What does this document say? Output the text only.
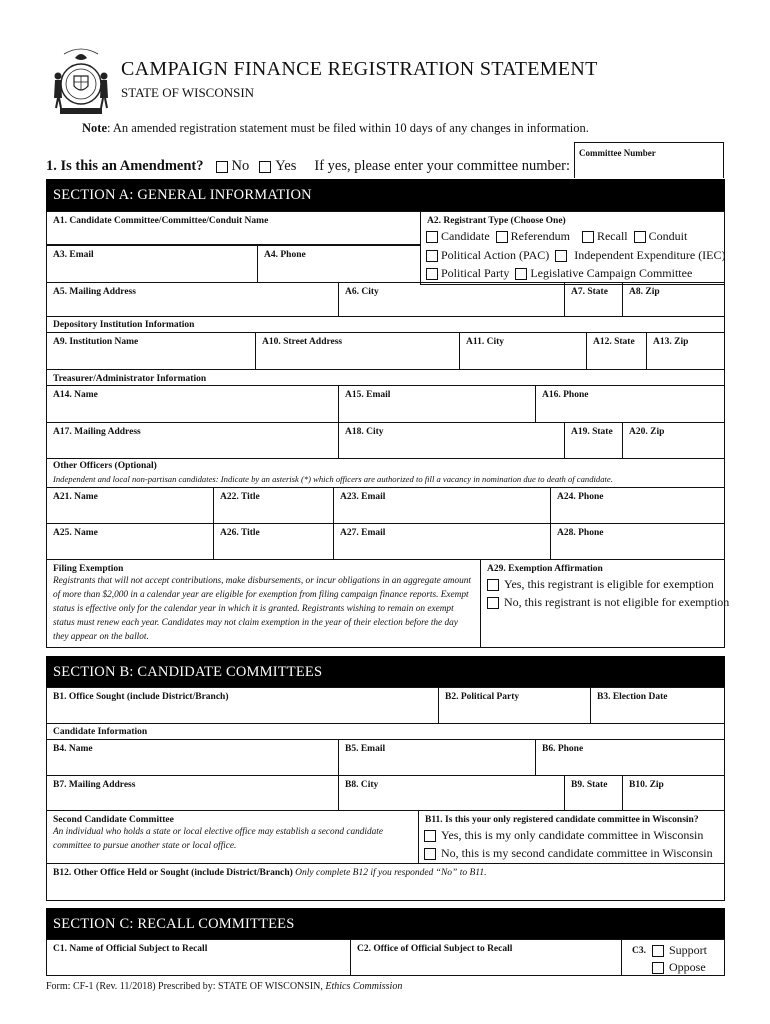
CAMPAIGN FINANCE REGISTRATION STATEMENT
STATE OF WISCONSIN
Note: An amended registration statement must be filed within 10 days of any changes in information.
1. Is this an Amendment? No Yes If yes, please enter your committee number:
Committee Number
SECTION A: GENERAL INFORMATION
A1. Candidate Committee/Committee/Conduit Name	A2. Registrant Type (Choose One)
Candidate Referendum Recall Conduit
Political Action (PAC) Independent Expenditure (IEC)
Political Party Legislative Campaign Committee
A3. Email	A4. Phone
A5. Mailing Address	A6. City	A7. State	A8. Zip
Depository Institution Information
A9. Institution Name	A10. Street Address	A11. City	A12. State	A13. Zip
Treasurer/Administrator Information
A14. Name	A15. Email	A16. Phone
A17. Mailing Address	A18. City	A19. State	A20. Zip
Other Officers (Optional)
Independent and local non-partisan candidates: Indicate by an asterisk (*) which officers are authorized to fill a vacancy in nomination due to death of candidate.
A21. Name	A22. Title	A23. Email	A24. Phone
A25. Name	A26. Title	A27. Email	A28. Phone
Filing Exemption
Registrants that will not accept contributions, make disbursements, or incur obligations in an aggregate amount of more than $2,000 in a calendar year are eligible for exemption from filing campaign finance reports. Exempt status is effective only for the calendar year in which it is granted. Registrants wishing to remain on exempt status must renew each year. Candidates may not claim exemption in the year of their election before the day they appear on the ballot.
A29. Exemption Affirmation
Yes, this registrant is eligible for exemption
No, this registrant is not eligible for exemption
SECTION B: CANDIDATE COMMITTEES
B1. Office Sought (include District/Branch)	B2. Political Party	B3. Election Date
Candidate Information
B4. Name	B5. Email	B6. Phone
B7. Mailing Address	B8. City	B9. State	B10. Zip
Second Candidate Committee
An individual who holds a state or local elective office may establish a second candidate committee to pursue another state or local office.
B11. Is this your only registered candidate committee in Wisconsin?
Yes, this is my only candidate committee in Wisconsin
No, this is my second candidate committee in Wisconsin
B12. Other Office Held or Sought (include District/Branch) Only complete B12 if you responded “No” to B11.
SECTION C: RECALL COMMITTEES
C1. Name of Official Subject to Recall	C2. Office of Official Subject to Recall	C3.	Support
Oppose
Form: CF-1 (Rev. 11/2018) Prescribed by: STATE OF WISCONSIN, Ethics Commission
